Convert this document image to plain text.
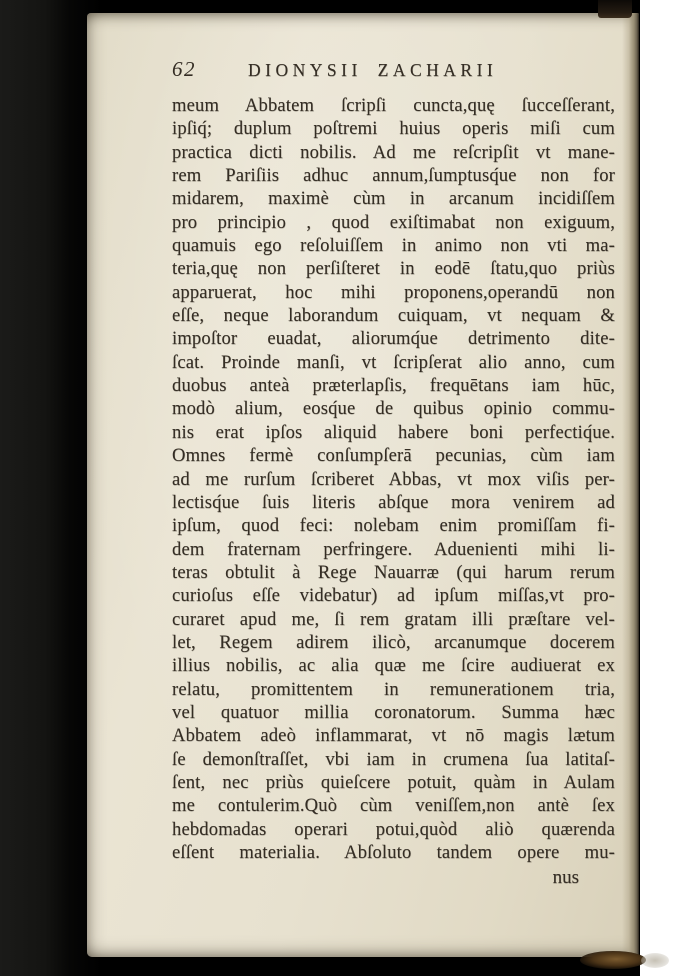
62	DIONYSII ZACHARII
meum Abbatem ſcripſi cuncta,quę ſucceſſerant,
ipſiq́; duplum poſtremi huius operis miſi cum
practica dicti nobilis. Ad me reſcripſit vt mane-
rem Pariſiis adhuc annum,ſumptusq́ue non for
midarem, maximè cùm in arcanum incidiſſem
pro principio , quod exiſtimabat non exiguum,
quamuis ego reſoluiſſem in animo non vti ma-
teria,quę non perſiſteret in eodē ſtatu,quo priùs
apparuerat, hoc mihi proponens,operandū non
eſſe, neque laborandum cuiquam, vt nequam &
impoſtor euadat, aliorumq́ue detrimento dite-
ſcat. Proinde manſi, vt ſcripſerat alio anno, cum
duobus anteà præterlapſis, frequētans iam hūc,
modò alium, eosq́ue de quibus opinio commu-
nis erat ipſos aliquid habere boni perfectiq́ue.
Omnes fermè conſumpſerā pecunias, cùm iam
ad me rurſum ſcriberet Abbas, vt mox viſis per-
lectisq́ue ſuis literis abſque mora venirem ad
ipſum, quod feci: nolebam enim promiſſam fi-
dem fraternam perfringere. Aduenienti mihi li-
teras obtulit à Rege Nauarræ (qui harum rerum
curioſus eſſe videbatur) ad ipſum miſſas,vt pro-
curaret apud me, ſi rem gratam illi præſtare vel-
let, Regem adirem ilicò, arcanumque docerem
illius nobilis, ac alia quæ me ſcire audiuerat ex
relatu, promittentem in remunerationem tria,
vel quatuor millia coronatorum. Summa hæc
Abbatem adeò inflammarat, vt nō magis lætum
ſe demonſtraſſet, vbi iam in crumena ſua latitaſ-
ſent, nec priùs quieſcere potuit, quàm in Aulam
me contulerim.Quò cùm veniſſem,non antè ſex
hebdomadas operari potui,quòd aliò quærenda
eſſent materialia. Abſoluto tandem opere mu-
nus
